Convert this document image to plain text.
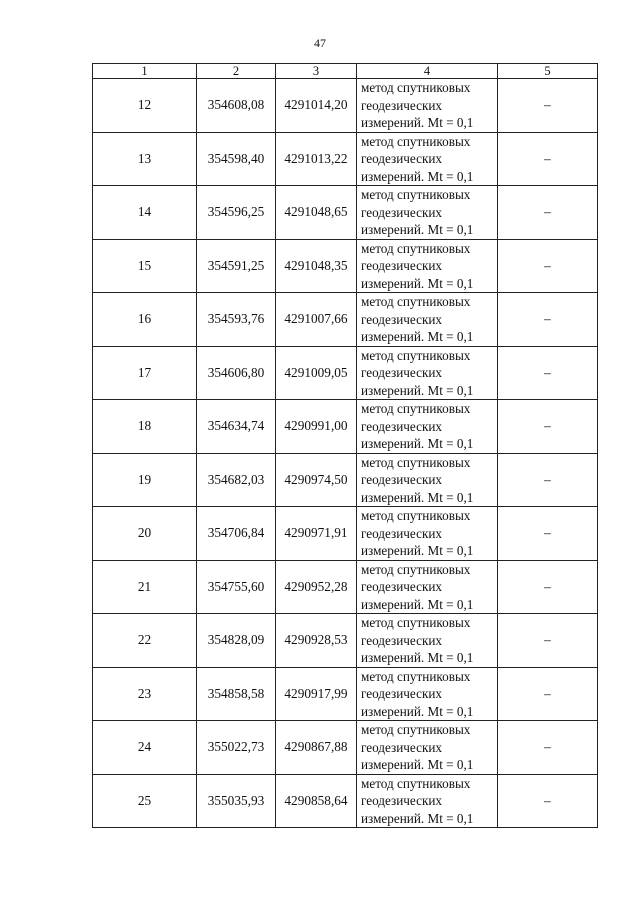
47
1	2	3	4	5
12	354608,08	4291014,20	метод спутниковых
геодезических
измерений. Mt = 0,1	–
13	354598,40	4291013,22	метод спутниковых
геодезических
измерений. Mt = 0,1	–
14	354596,25	4291048,65	метод спутниковых
геодезических
измерений. Mt = 0,1	–
15	354591,25	4291048,35	метод спутниковых
геодезических
измерений. Mt = 0,1	–
16	354593,76	4291007,66	метод спутниковых
геодезических
измерений. Mt = 0,1	–
17	354606,80	4291009,05	метод спутниковых
геодезических
измерений. Mt = 0,1	–
18	354634,74	4290991,00	метод спутниковых
геодезических
измерений. Mt = 0,1	–
19	354682,03	4290974,50	метод спутниковых
геодезических
измерений. Mt = 0,1	–
20	354706,84	4290971,91	метод спутниковых
геодезических
измерений. Mt = 0,1	–
21	354755,60	4290952,28	метод спутниковых
геодезических
измерений. Mt = 0,1	–
22	354828,09	4290928,53	метод спутниковых
геодезических
измерений. Mt = 0,1	–
23	354858,58	4290917,99	метод спутниковых
геодезических
измерений. Mt = 0,1	–
24	355022,73	4290867,88	метод спутниковых
геодезических
измерений. Mt = 0,1	–
25	355035,93	4290858,64	метод спутниковых
геодезических
измерений. Mt = 0,1	–
